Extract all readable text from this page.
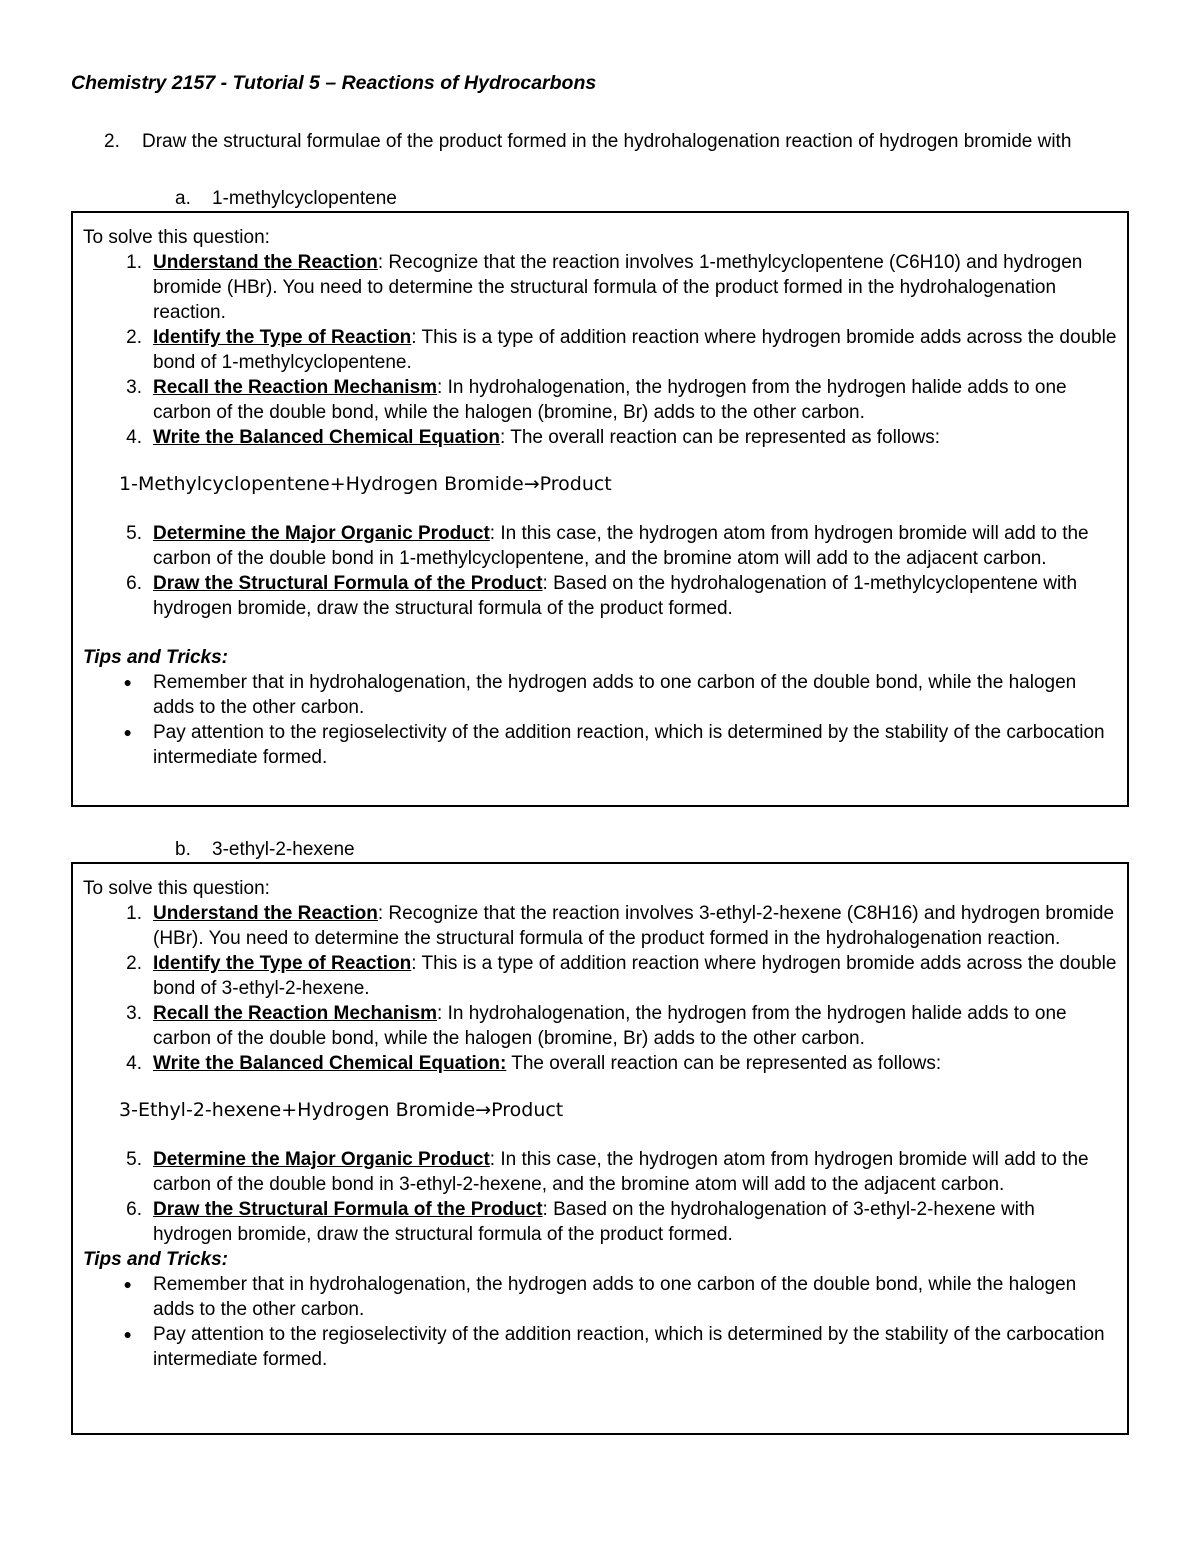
Chemistry 2157 - Tutorial 5 – Reactions of Hydrocarbons
2.	Draw the structural formulae of the product formed in the hydrohalogenation reaction of hydrogen bromide with
a.	1-methylcyclopentene
To solve this question:
1. Understand the Reaction: Recognize that the reaction involves 1-methylcyclopentene (C6H10) and hydrogen bromide (HBr). You need to determine the structural formula of the product formed in the hydrohalogenation reaction.
2. Identify the Type of Reaction: This is a type of addition reaction where hydrogen bromide adds across the double bond of 1-methylcyclopentene.
3. Recall the Reaction Mechanism: In hydrohalogenation, the hydrogen from the hydrogen halide adds to one carbon of the double bond, while the halogen (bromine, Br) adds to the other carbon.
4. Write the Balanced Chemical Equation: The overall reaction can be represented as follows:
1-Methylcyclopentene+Hydrogen Bromide→Product
5. Determine the Major Organic Product: In this case, the hydrogen atom from hydrogen bromide will add to the carbon of the double bond in 1-methylcyclopentene, and the bromine atom will add to the adjacent carbon.
6. Draw the Structural Formula of the Product: Based on the hydrohalogenation of 1-methylcyclopentene with hydrogen bromide, draw the structural formula of the product formed.
Tips and Tricks:
●	Remember that in hydrohalogenation, the hydrogen adds to one carbon of the double bond, while the halogen adds to the other carbon.
●	Pay attention to the regioselectivity of the addition reaction, which is determined by the stability of the carbocation intermediate formed.
b.	3-ethyl-2-hexene
To solve this question:
1. Understand the Reaction: Recognize that the reaction involves 3-ethyl-2-hexene (C8H16) and hydrogen bromide (HBr). You need to determine the structural formula of the product formed in the hydrohalogenation reaction.
2. Identify the Type of Reaction: This is a type of addition reaction where hydrogen bromide adds across the double bond of 3-ethyl-2-hexene.
3. Recall the Reaction Mechanism: In hydrohalogenation, the hydrogen from the hydrogen halide adds to one carbon of the double bond, while the halogen (bromine, Br) adds to the other carbon.
4. Write the Balanced Chemical Equation: The overall reaction can be represented as follows:
3-Ethyl-2-hexene+Hydrogen Bromide→Product
5. Determine the Major Organic Product: In this case, the hydrogen atom from hydrogen bromide will add to the carbon of the double bond in 3-ethyl-2-hexene, and the bromine atom will add to the adjacent carbon.
6. Draw the Structural Formula of the Product: Based on the hydrohalogenation of 3-ethyl-2-hexene with hydrogen bromide, draw the structural formula of the product formed.
Tips and Tricks:
●	Remember that in hydrohalogenation, the hydrogen adds to one carbon of the double bond, while the halogen adds to the other carbon.
●	Pay attention to the regioselectivity of the addition reaction, which is determined by the stability of the carbocation intermediate formed.
